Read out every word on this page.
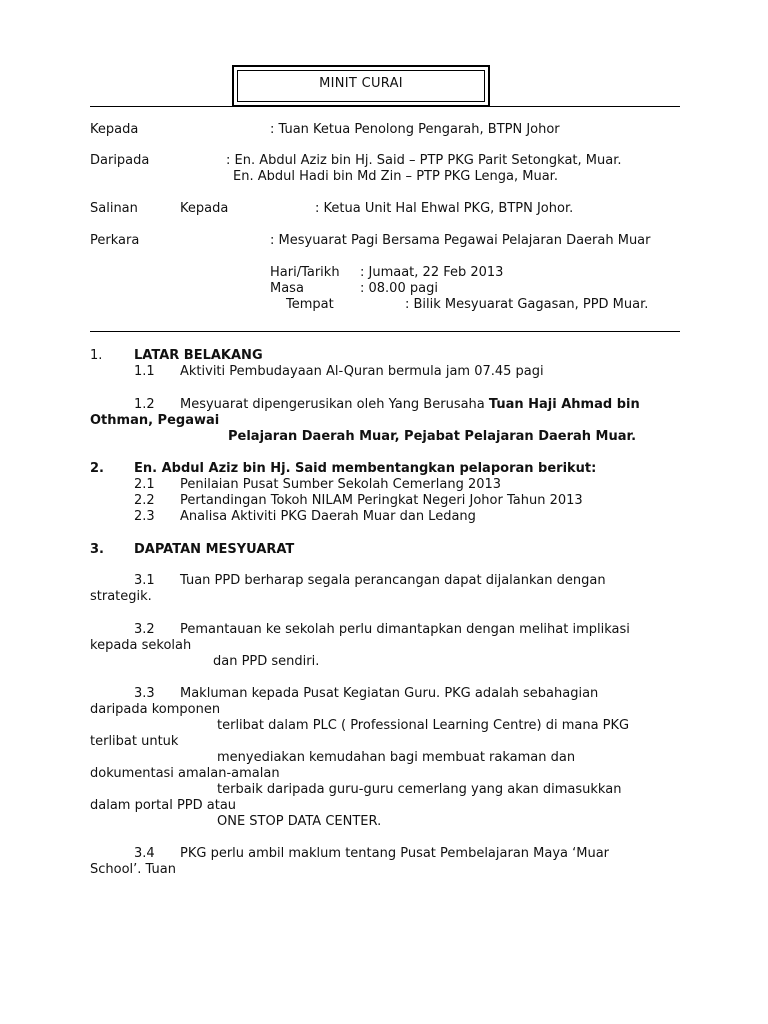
MINIT CURAI
Kepada	: Tuan Ketua Penolong Pengarah, BTPN Johor
Daripada	: En. Abdul Aziz bin Hj. Said – PTP PKG Parit Setongkat, Muar.
En. Abdul Hadi bin Md Zin – PTP PKG Lenga, Muar.
Salinan	Kepada	: Ketua Unit Hal Ehwal PKG, BTPN Johor.
Perkara	: Mesyuarat Pagi Bersama Pegawai Pelajaran Daerah Muar
Hari/Tarikh : Jumaat, 22 Feb 2013
Masa	: 08.00 pagi
Tempat	: Bilik Mesyuarat Gagasan, PPD Muar.
1. LATAR BELAKANG
1.1 Aktiviti Pembudayaan Al-Quran bermula jam 07.45 pagi
1.2 Mesyuarat dipengerusikan oleh Yang Berusaha Tuan Haji Ahmad bin
Othman, Pegawai
Pelajaran Daerah Muar, Pejabat Pelajaran Daerah Muar.
2. En. Abdul Aziz bin Hj. Said membentangkan pelaporan berikut:
2.1 Penilaian Pusat Sumber Sekolah Cemerlang 2013
2.2 Pertandingan Tokoh NILAM Peringkat Negeri Johor Tahun 2013
2.3 Analisa Aktiviti PKG Daerah Muar dan Ledang
3. DAPATAN MESYUARAT
3.1 Tuan PPD berharap segala perancangan dapat dijalankan dengan
strategik.
3.2 Pemantauan ke sekolah perlu dimantapkan dengan melihat implikasi
kepada sekolah
dan PPD sendiri.
3.3 Makluman kepada Pusat Kegiatan Guru. PKG adalah sebahagian
daripada komponen
terlibat dalam PLC ( Professional Learning Centre) di mana PKG
terlibat untuk
menyediakan kemudahan bagi membuat rakaman dan
dokumentasi amalan-amalan
terbaik daripada guru-guru cemerlang yang akan dimasukkan
dalam portal PPD atau
ONE STOP DATA CENTER.
3.4 PKG perlu ambil maklum tentang Pusat Pembelajaran Maya ‘Muar
School’. Tuan
